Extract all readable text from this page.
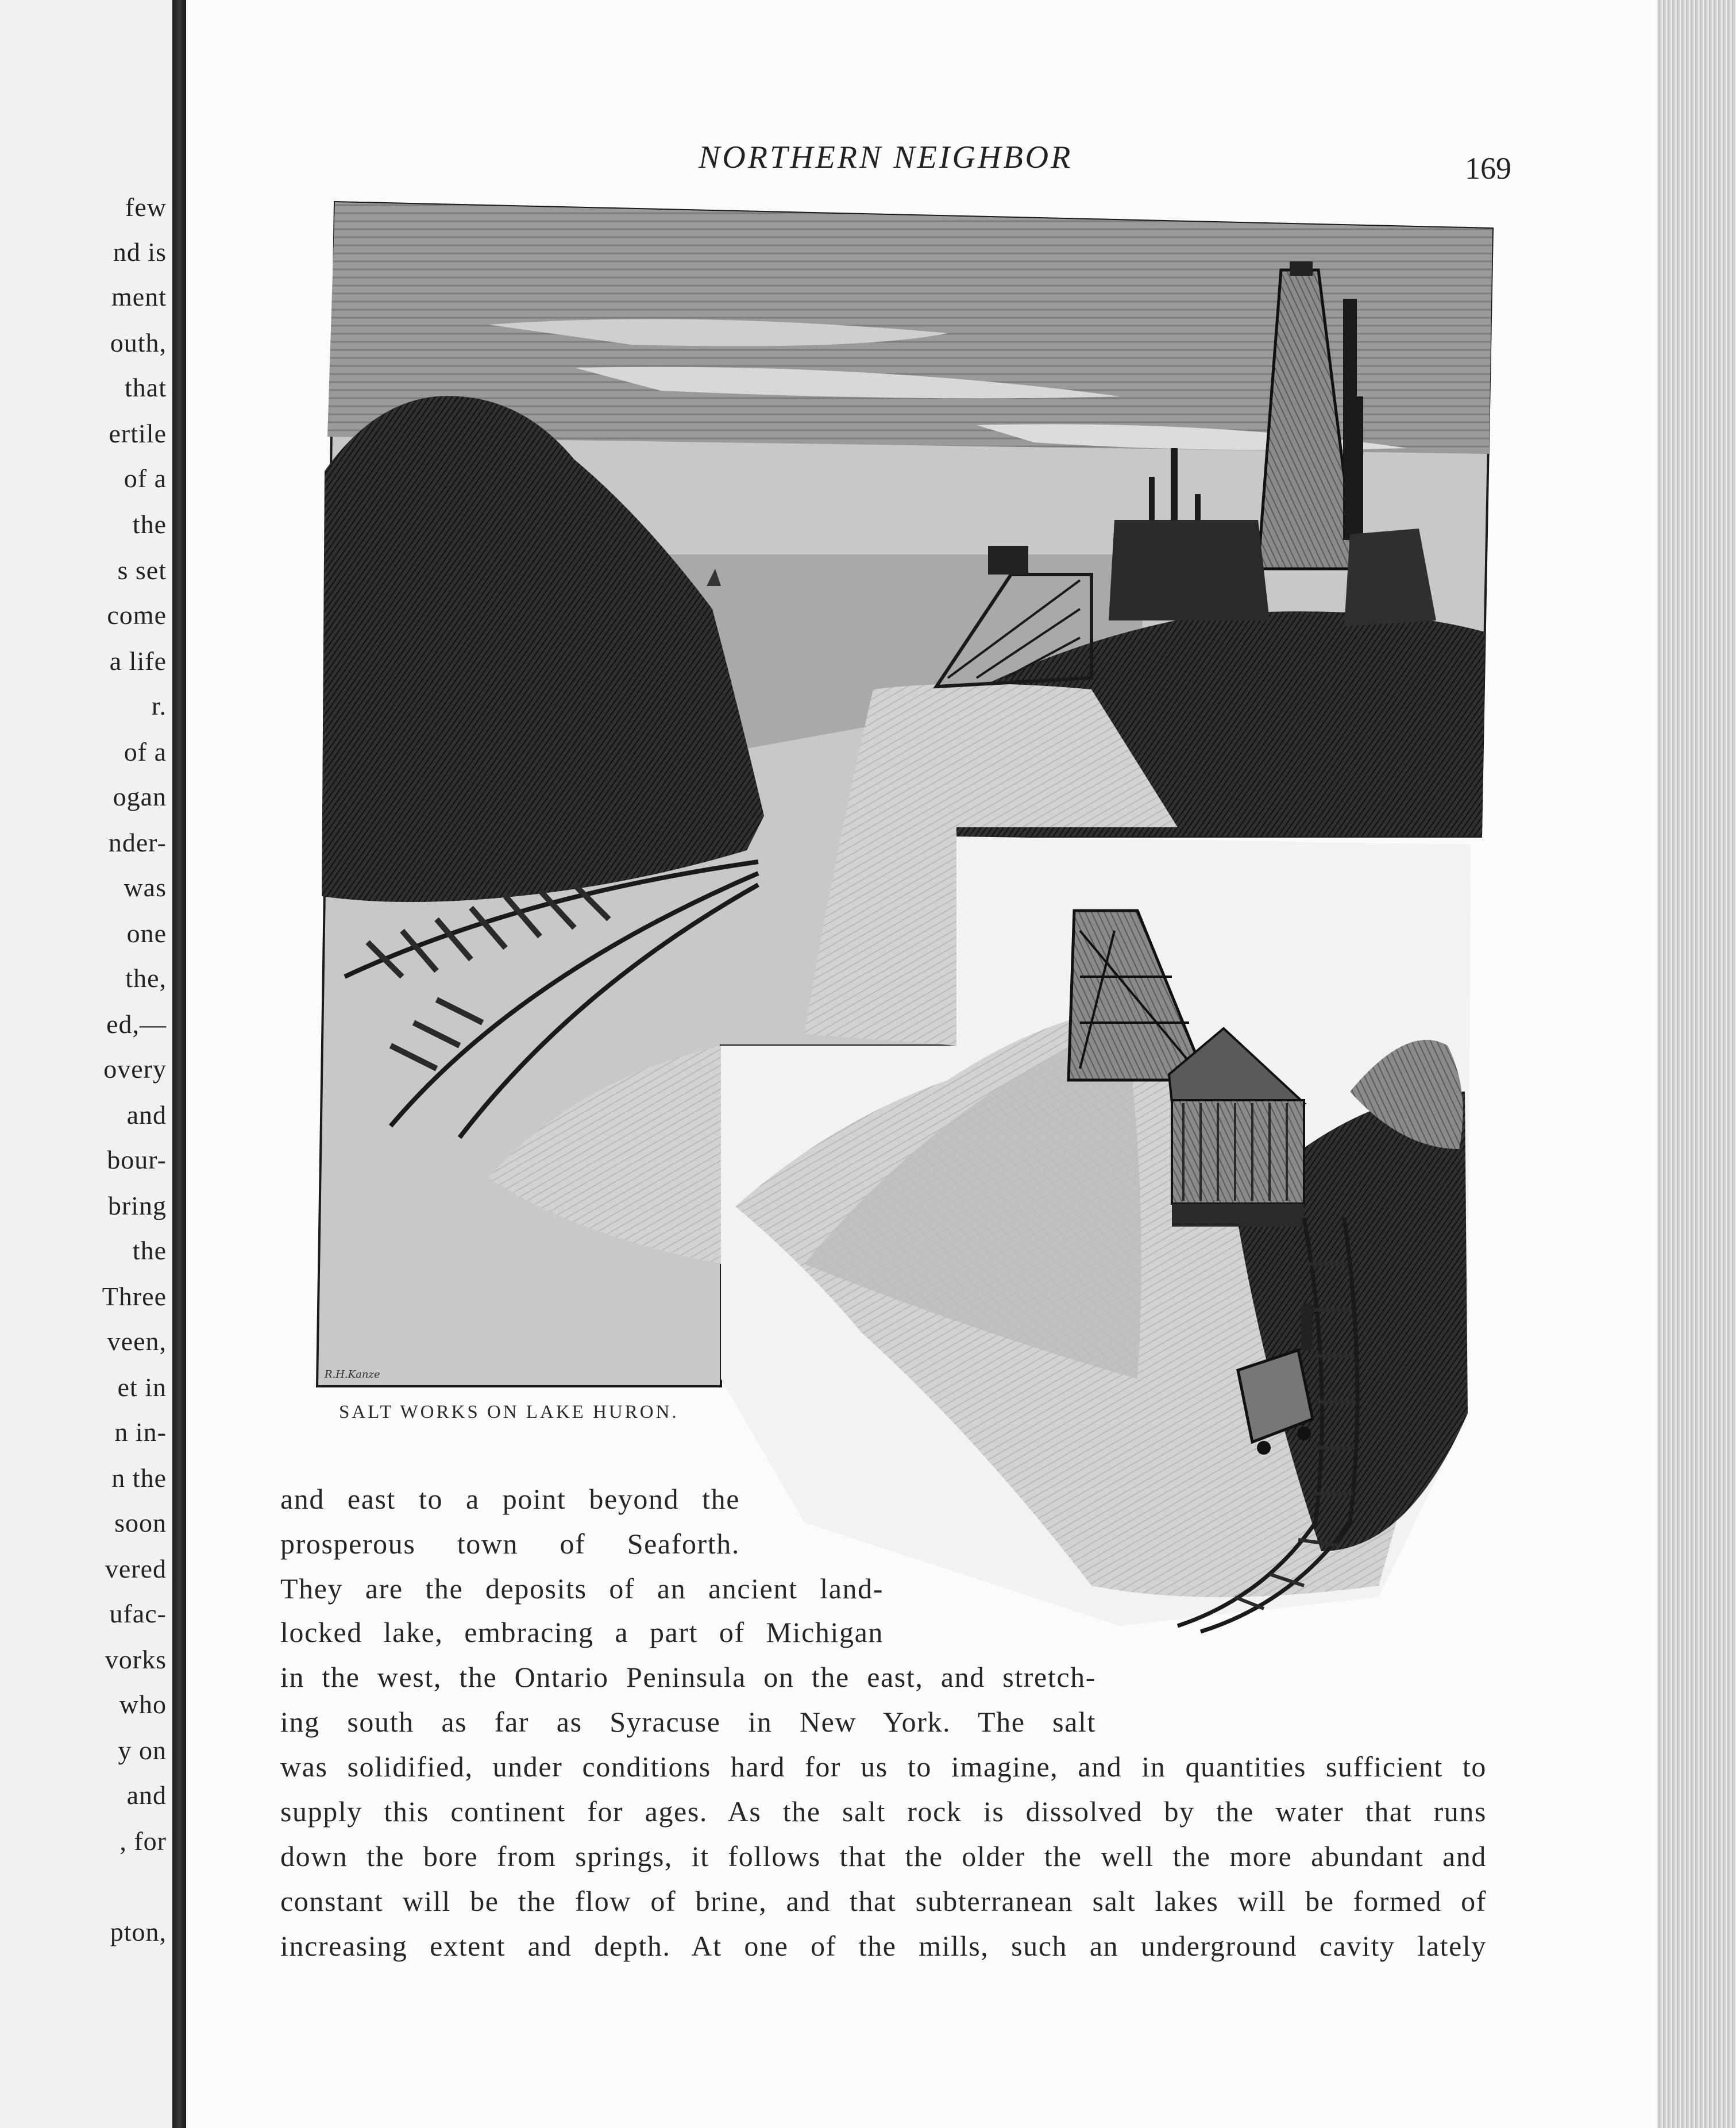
few
nd is
ment
outh,
that
ertile
of a
the
s set
come
a life
r.
of a
ogan
nder-
was
one
the,
ed,—
overy
and
bour-
bring
the
Three
veen,
et in
n in-
n the
soon
vered
ufac-
vorks
who
y on
and
, for
pton,
NORTHERN NEIGHBOR	169
R.H.Kanze
SALT WORKS ON LAKE HURON.
and east to a point beyond the
prosperous town of Seaforth.
They are the deposits of an ancient land-
locked lake, embracing a part of Michigan
in the west, the Ontario Peninsula on the east, and stretch-
ing south as far as Syracuse in New York. The salt
was solidified, under conditions hard for us to imagine, and in quantities sufficient to
supply this continent for ages. As the salt rock is dissolved by the water that runs
down the bore from springs, it follows that the older the well the more abundant and
constant will be the flow of brine, and that subterranean salt lakes will be formed of
increasing extent and depth. At one of the mills, such an underground cavity lately
